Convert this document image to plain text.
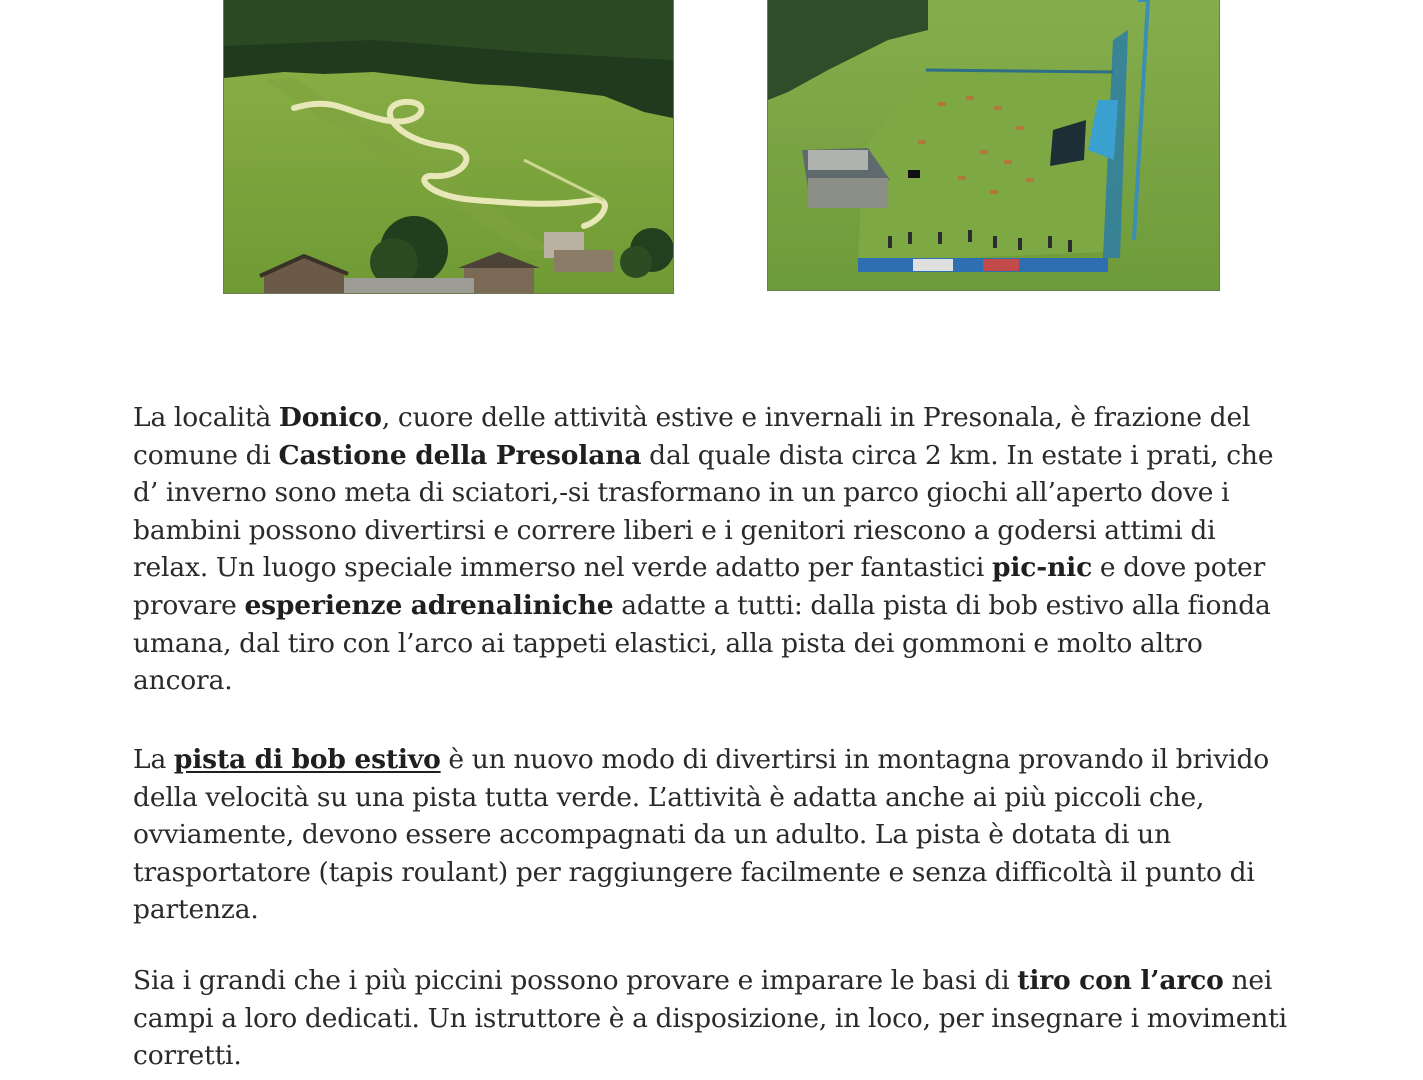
La località Donico, cuore delle attività estive e invernali in Presonala, è frazione del
comune di Castione della Presolana dal quale dista circa 2 km. In estate i prati, che
d’ inverno sono meta di sciatori,-si trasformano in un parco giochi all’aperto dove i
bambini possono divertirsi e correre liberi e i genitori riescono a godersi attimi di
relax. Un luogo speciale immerso nel verde adatto per fantastici pic-nic e dove poter
provare esperienze adrenaliniche adatte a tutti: dalla pista di bob estivo alla fionda
umana, dal tiro con l’arco ai tappeti elastici, alla pista dei gommoni e molto altro
ancora.

La pista di bob estivo è un nuovo modo di divertirsi in montagna provando il brivido
della velocità su una pista tutta verde. L’attività è adatta anche ai più piccoli che,
ovviamente, devono essere accompagnati da un adulto. La pista è dotata di un
trasportatore (tapis roulant) per raggiungere facilmente e senza difficoltà il punto di
partenza.

Sia i grandi che i più piccini possono provare e imparare le basi di tiro con l’arco nei
campi a loro dedicati. Un istruttore è a disposizione, in loco, per insegnare i movimenti
corretti.
